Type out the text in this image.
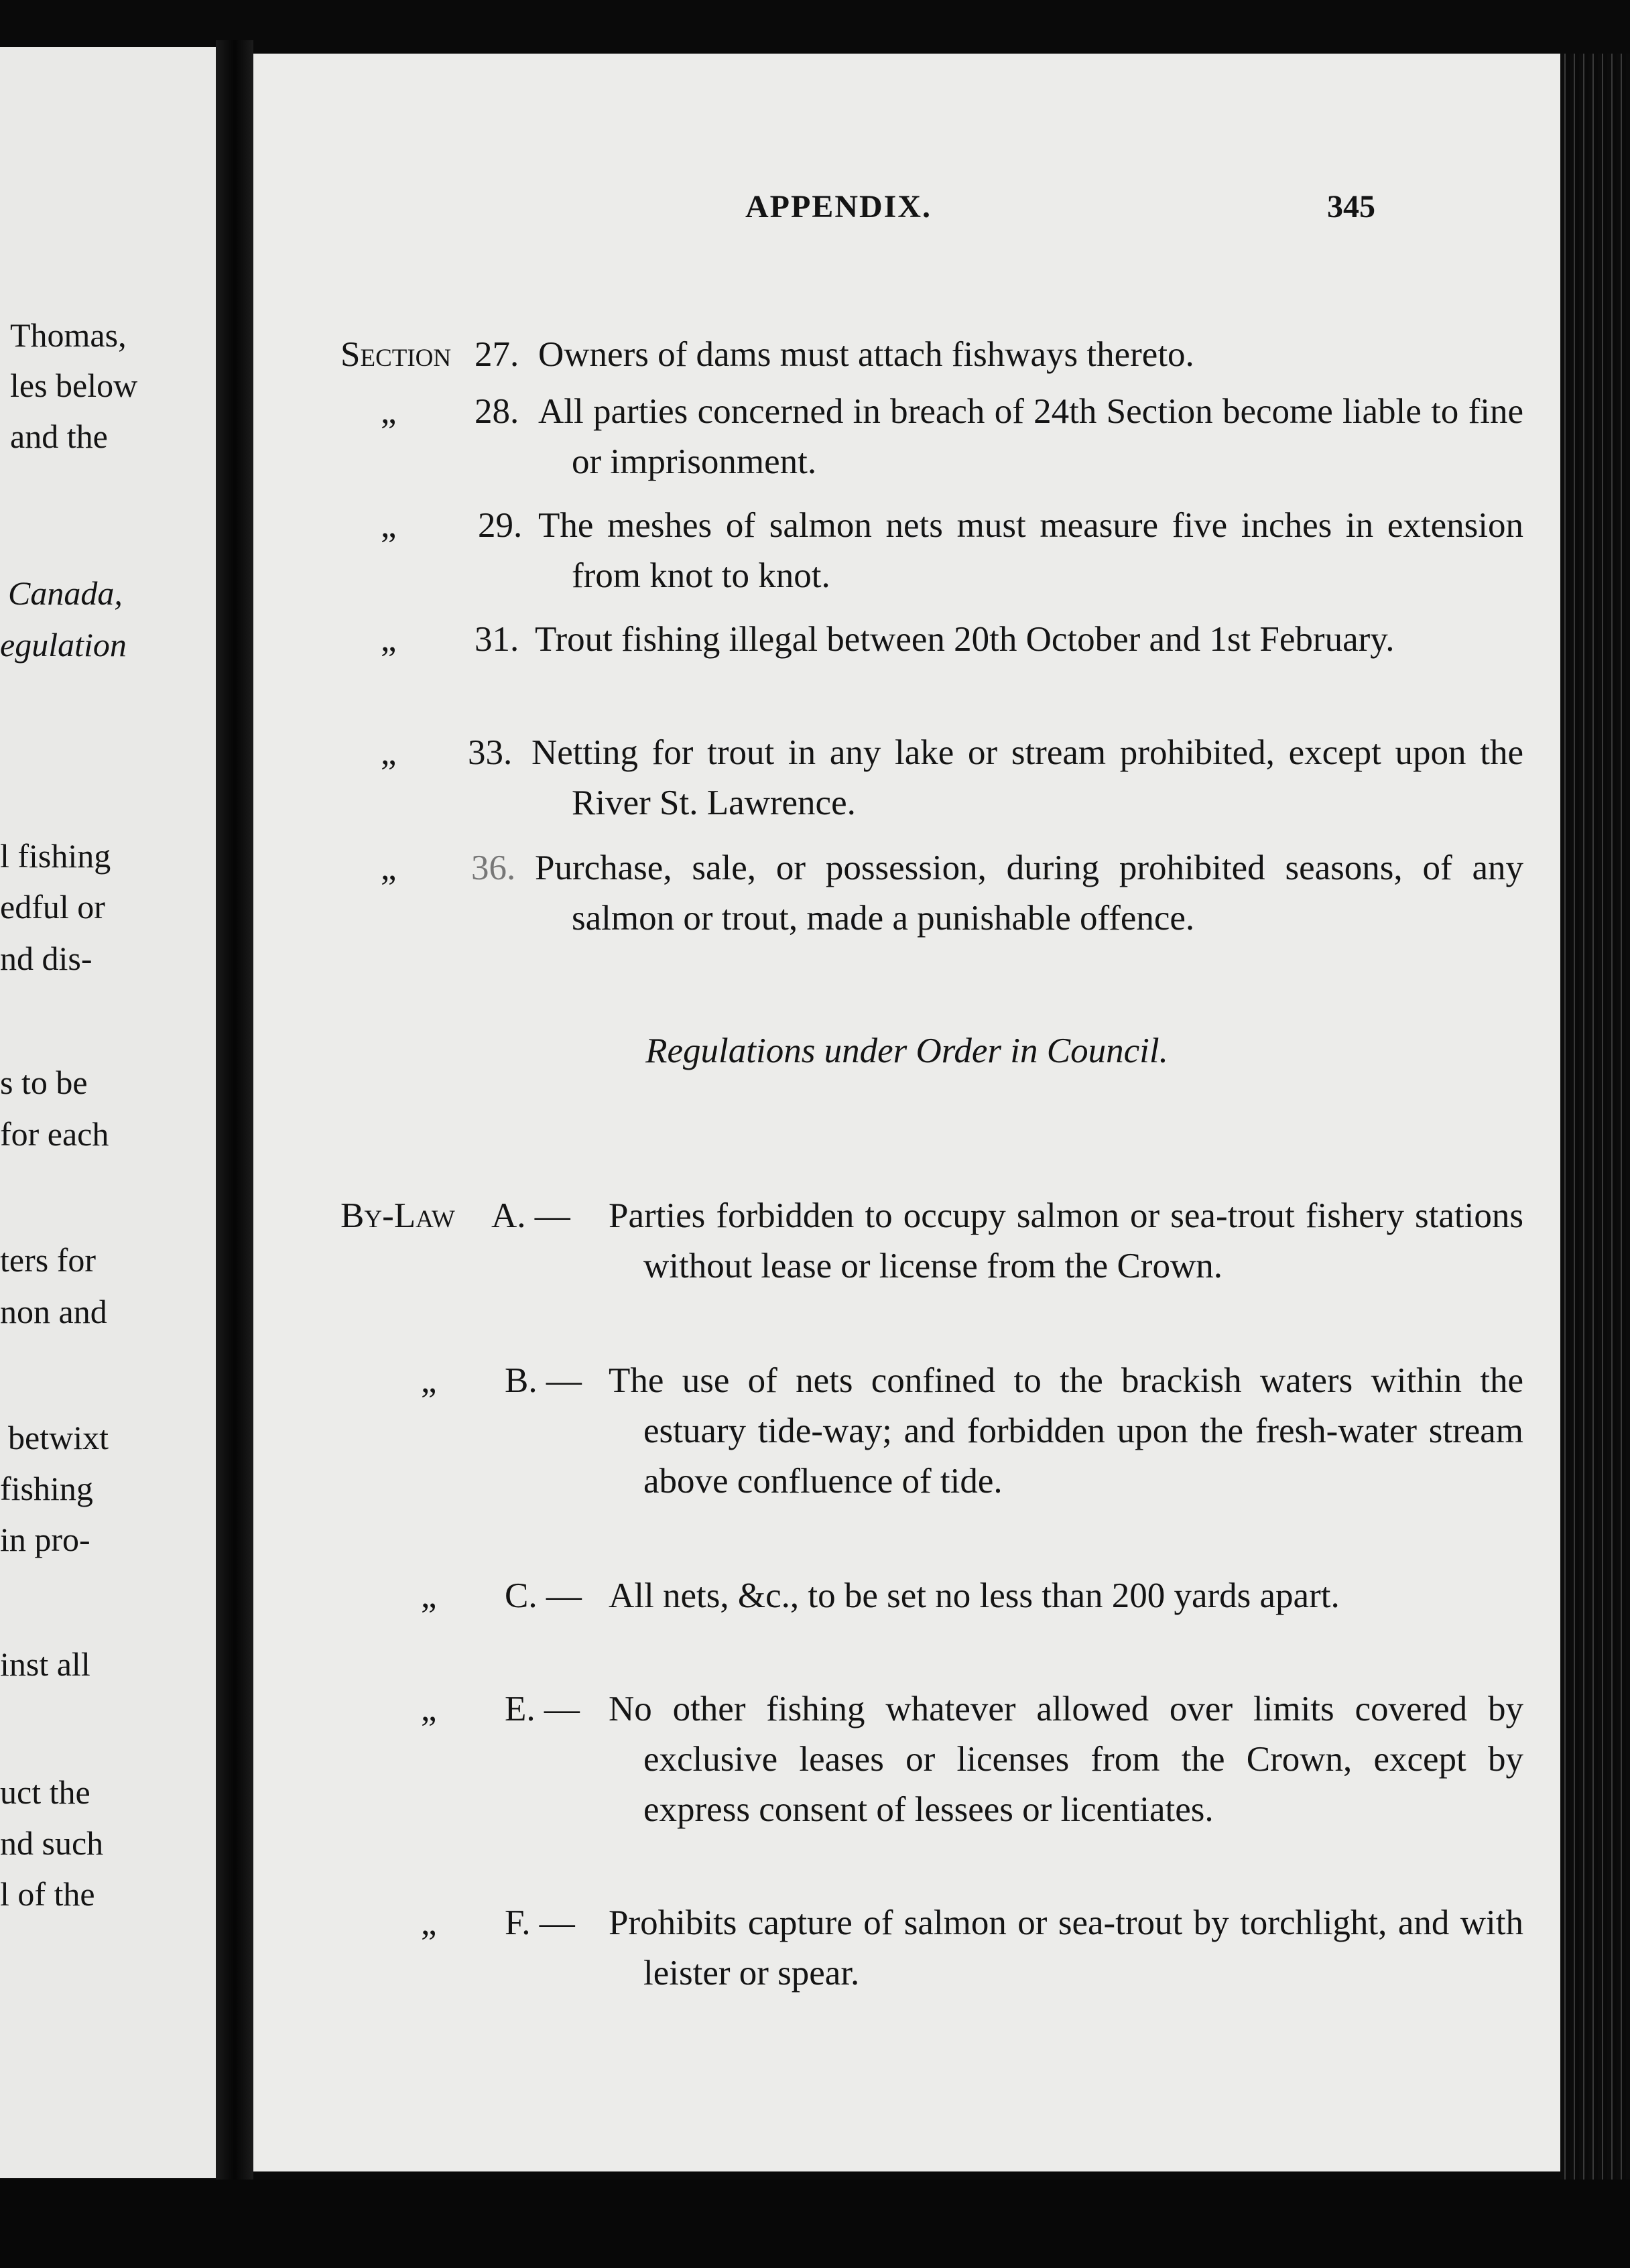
Thomas,
les below
and the
Canada,
egulation
l fishing
edful or
nd dis-
s to be
for each
ters for
non and
betwixt
fishing
in pro-
inst all
uct the
nd such
l of the
APPENDIX.	345
Section 27. Owners of dams must attach fishways thereto.
„ 28. All parties concerned in breach of 24th Section become liable to fine or imprisonment.
„ 29. The meshes of salmon nets must measure five inches in extension from knot to knot.
„ 31. Trout fishing illegal between 20th October and 1st February.
„ 33. Netting for trout in any lake or stream prohibited, except upon the River St. Lawrence.
„ 36. Purchase, sale, or possession, during prohibited seasons, of any salmon or trout, made a punishable offence.
Regulations under Order in Council.
By-Law A. — Parties forbidden to occupy salmon or sea-trout fishery stations without lease or license from the Crown.
„ B. — The use of nets confined to the brackish waters within the estuary tide-way; and forbidden upon the fresh-water stream above confluence of tide.
„ C. — All nets, &c., to be set no less than 200 yards apart.
„ E. — No other fishing whatever allowed over limits covered by exclusive leases or licenses from the Crown, except by express consent of lessees or licentiates.
„ F. — Prohibits capture of salmon or sea-trout by torchlight, and with leister or spear.
